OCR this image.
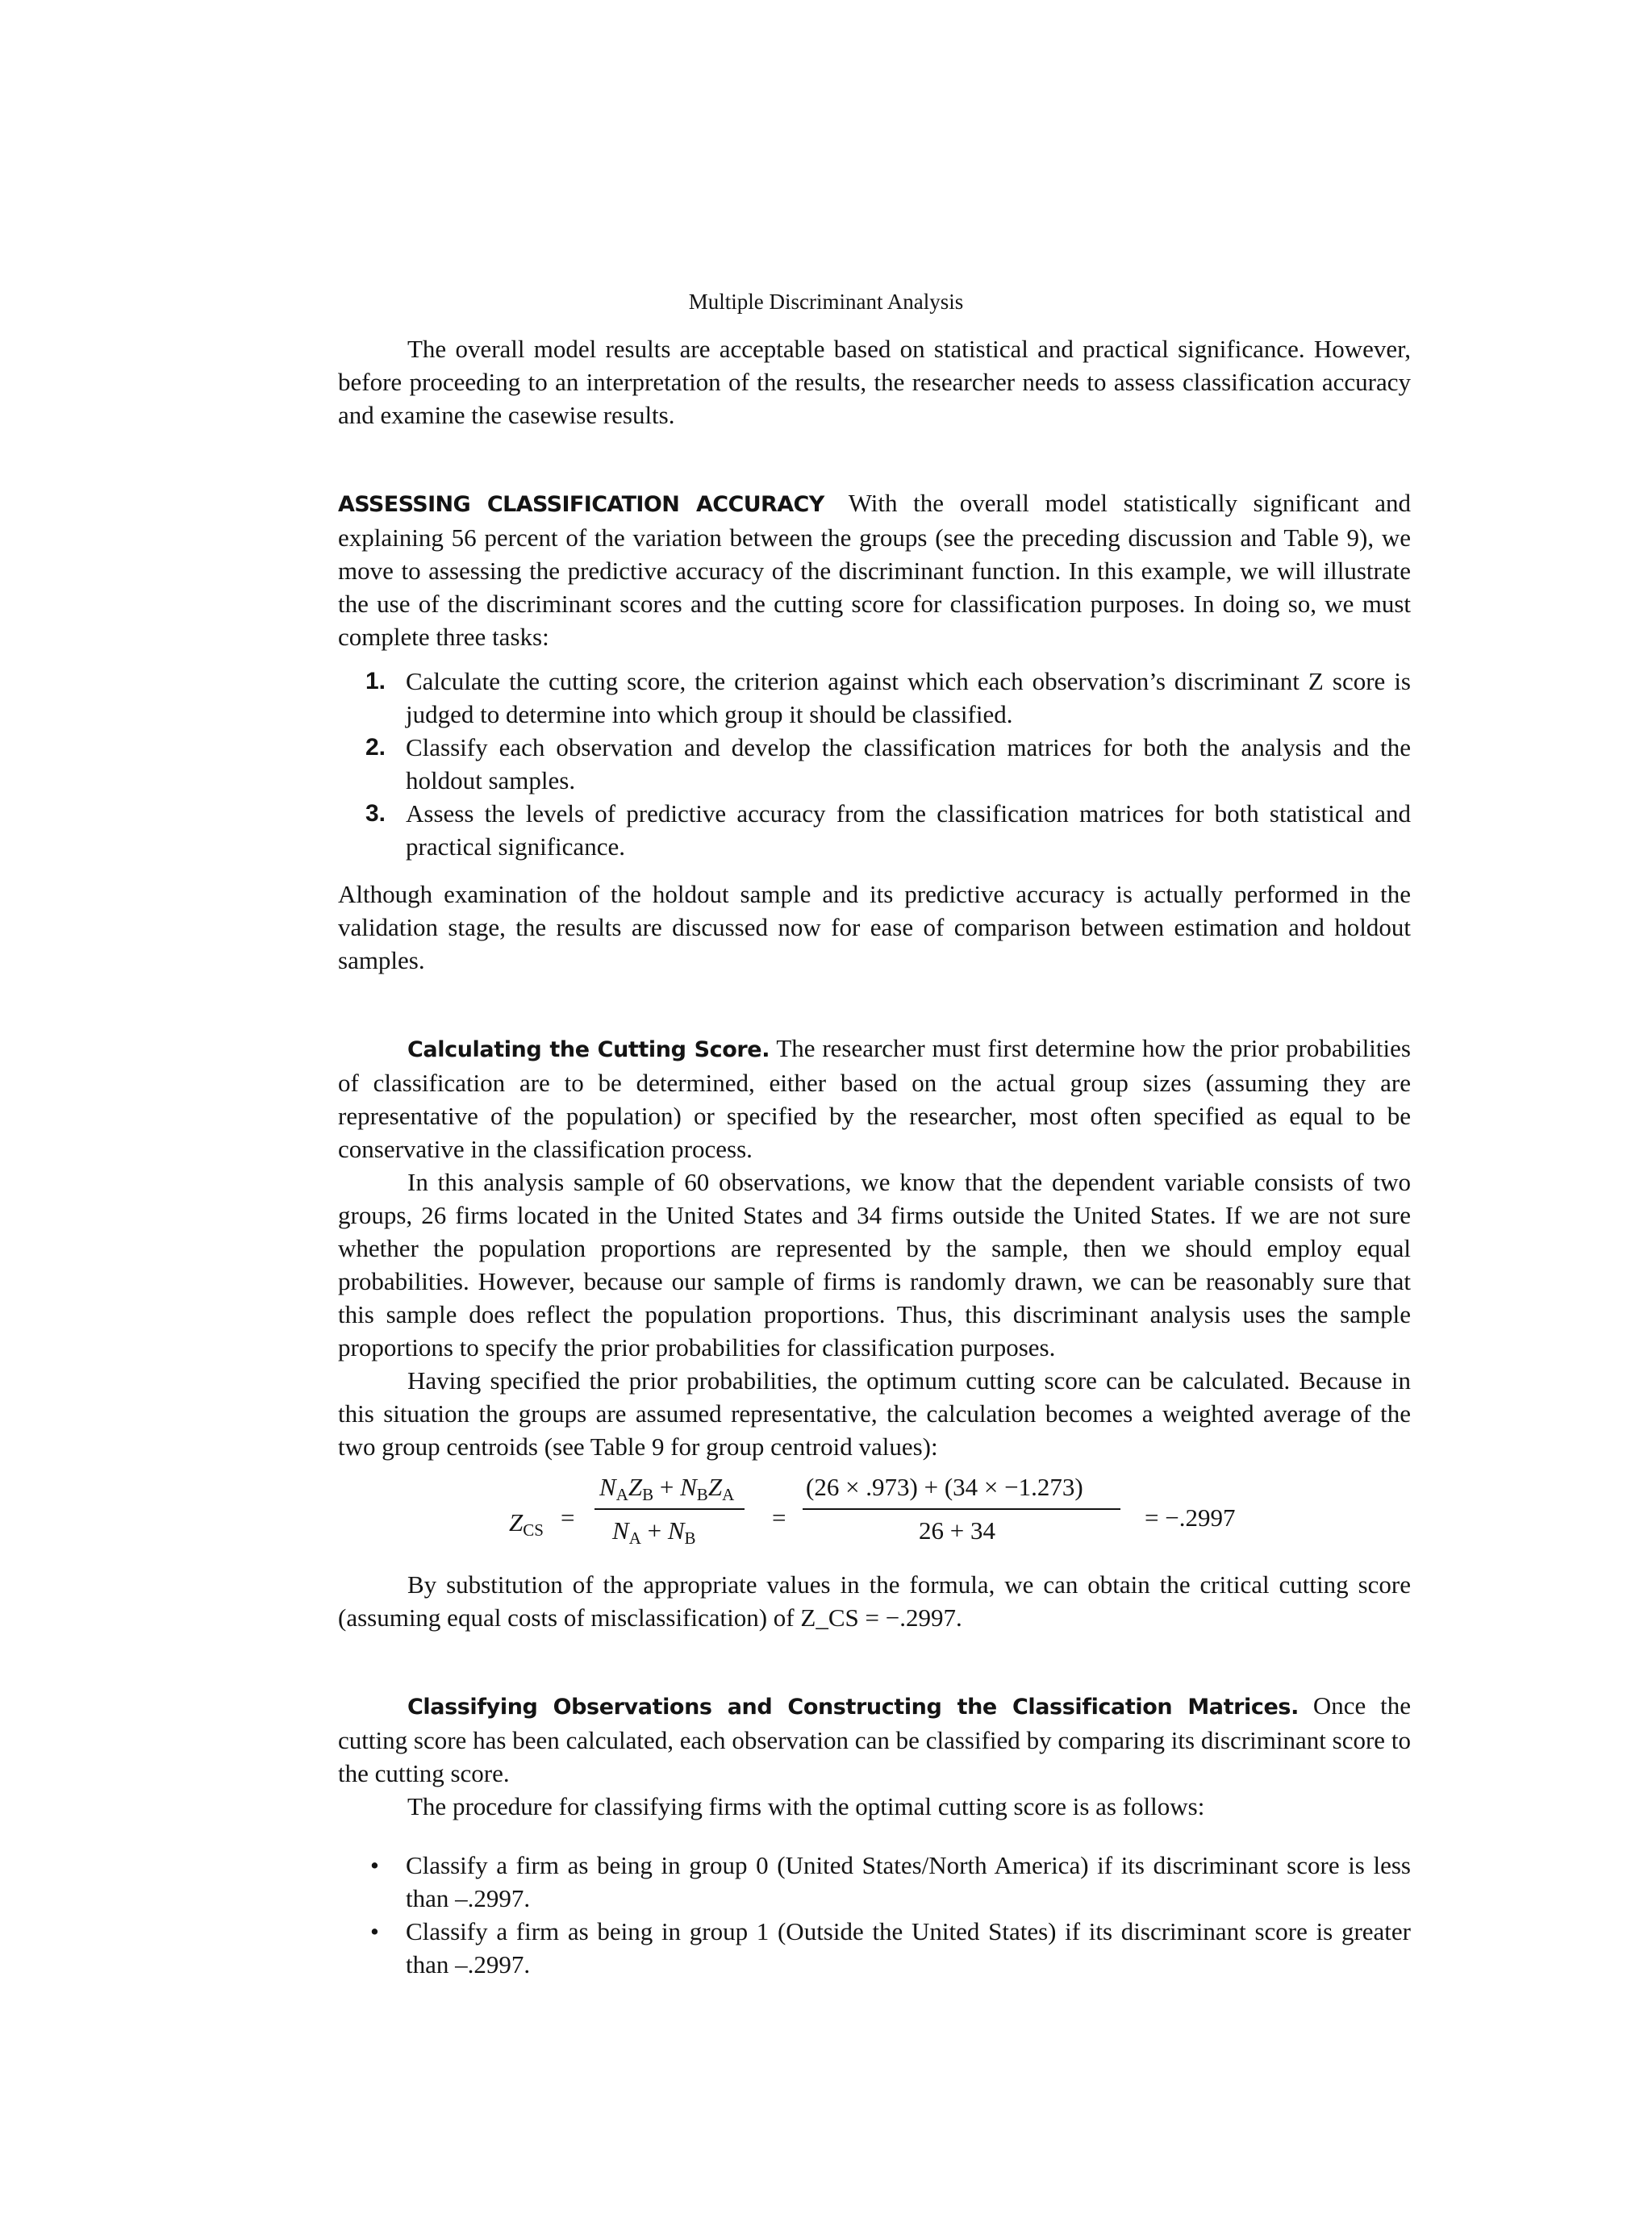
Multiple Discriminant Analysis

The overall model results are acceptable based on statistical and practical significance. However, before proceeding to an interpretation of the results, the researcher needs to assess classification accuracy and examine the casewise results.

ASSESSING CLASSIFICATION ACCURACY With the overall model statistically significant and explaining 56 percent of the variation between the groups (see the preceding discussion and Table 9), we move to assessing the predictive accuracy of the discriminant function. In this example, we will illustrate the use of the discriminant scores and the cutting score for classification purposes. In doing so, we must complete three tasks:

1. Calculate the cutting score, the criterion against which each observation’s discriminant Z score is judged to determine into which group it should be classified.
2. Classify each observation and develop the classification matrices for both the analysis and the holdout samples.
3. Assess the levels of predictive accuracy from the classification matrices for both statistical and practical significance.

Although examination of the holdout sample and its predictive accuracy is actually performed in the validation stage, the results are discussed now for ease of comparison between estimation and holdout samples.

Calculating the Cutting Score. The researcher must first determine how the prior probabilities of classification are to be determined, either based on the actual group sizes (assuming they are representative of the population) or specified by the researcher, most often specified as equal to be conservative in the classification process.

In this analysis sample of 60 observations, we know that the dependent variable consists of two groups, 26 firms located in the United States and 34 firms outside the United States. If we are not sure whether the population proportions are represented by the sample, then we should employ equal probabilities. However, because our sample of firms is randomly drawn, we can be reasonably sure that this sample does reflect the population proportions. Thus, this discriminant analysis uses the sample proportions to specify the prior probabilities for classification purposes.

Having specified the prior probabilities, the optimum cutting score can be calculated. Because in this situation the groups are assumed representative, the calculation becomes a weighted average of the two group centroids (see Table 9 for group centroid values):

$Z_{CS}$ =
$N_AZ_B + N_BZ_A$
$N_A + N_B$
=
(26 × .973) + (34 × −1.273)
26 + 34	= −.2997

By substitution of the appropriate values in the formula, we can obtain the critical cutting score (assuming equal costs of misclassification) of Z_CS = −.2997.

Classifying Observations and Constructing the Classification Matrices. Once the cutting score has been calculated, each observation can be classified by comparing its discriminant score to the cutting score.

The procedure for classifying firms with the optimal cutting score is as follows:

• Classify a firm as being in group 0 (United States/North America) if its discriminant score is less than –.2997.
• Classify a firm as being in group 1 (Outside the United States) if its discriminant score is greater than –.2997.
